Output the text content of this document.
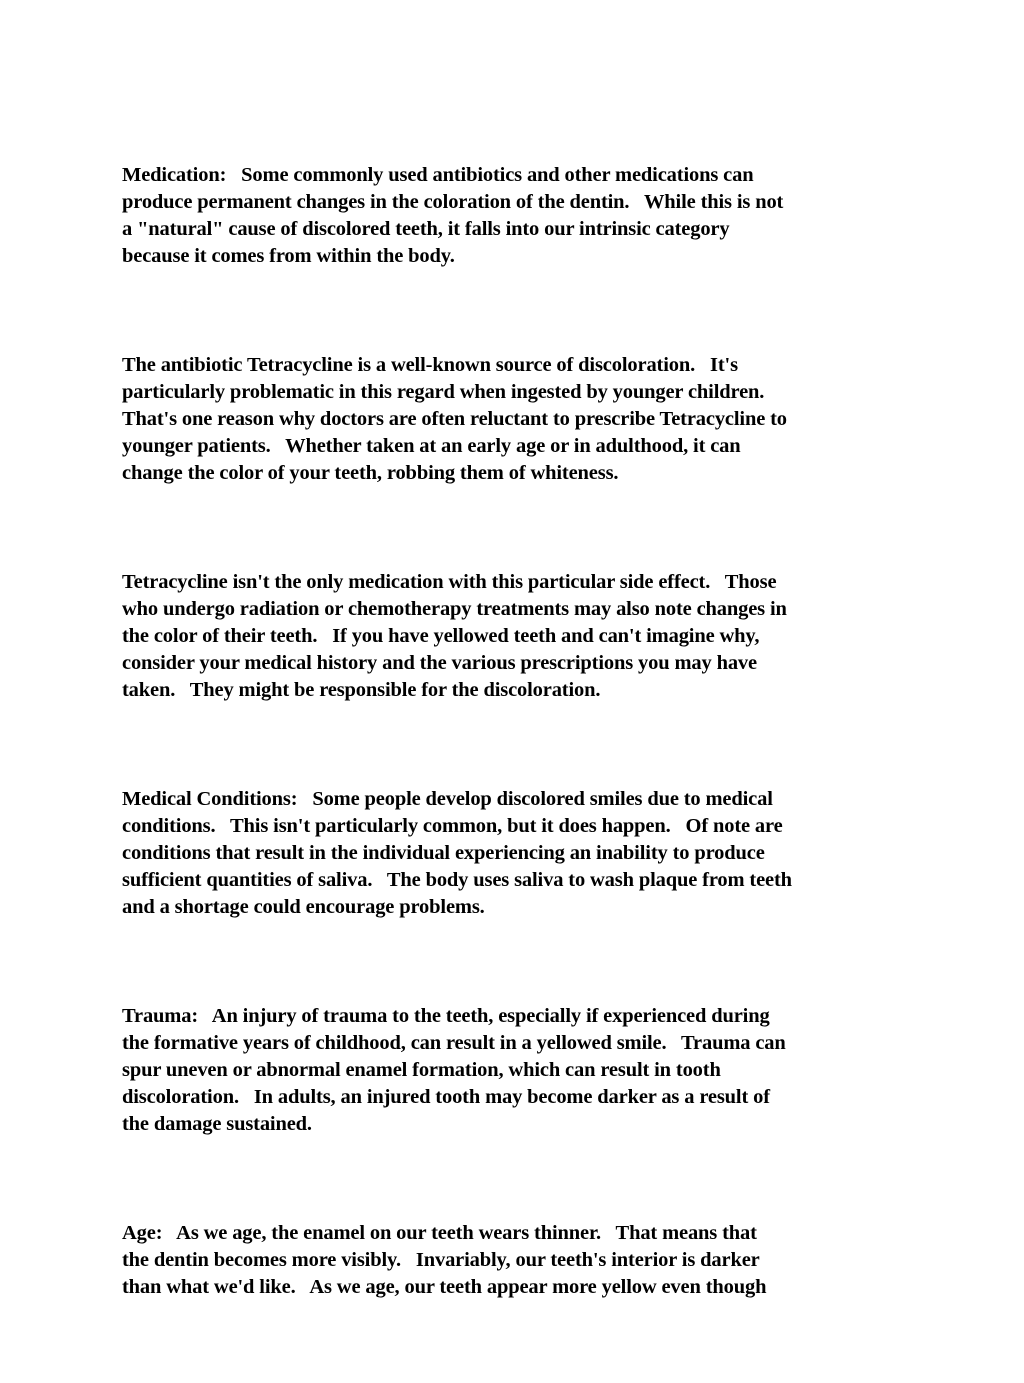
Medication:   Some commonly used antibiotics and other medications can
produce permanent changes in the coloration of the dentin.   While this is not
a "natural" cause of discolored teeth, it falls into our intrinsic category
because it comes from within the body.

The antibiotic Tetracycline is a well-known source of discoloration.   It's
particularly problematic in this regard when ingested by younger children.
That's one reason why doctors are often reluctant to prescribe Tetracycline to
younger patients.   Whether taken at an early age or in adulthood, it can
change the color of your teeth, robbing them of whiteness.

Tetracycline isn't the only medication with this particular side effect.   Those
who undergo radiation or chemotherapy treatments may also note changes in
the color of their teeth.   If you have yellowed teeth and can't imagine why,
consider your medical history and the various prescriptions you may have
taken.   They might be responsible for the discoloration.

Medical Conditions:   Some people develop discolored smiles due to medical
conditions.   This isn't particularly common, but it does happen.   Of note are
conditions that result in the individual experiencing an inability to produce
sufficient quantities of saliva.   The body uses saliva to wash plaque from teeth
and a shortage could encourage problems.

Trauma:   An injury of trauma to the teeth, especially if experienced during
the formative years of childhood, can result in a yellowed smile.   Trauma can
spur uneven or abnormal enamel formation, which can result in tooth
discoloration.   In adults, an injured tooth may become darker as a result of
the damage sustained.

Age:   As we age, the enamel on our teeth wears thinner.   That means that
the dentin becomes more visibly.   Invariably, our teeth's interior is darker
than what we'd like.   As we age, our teeth appear more yellow even though
